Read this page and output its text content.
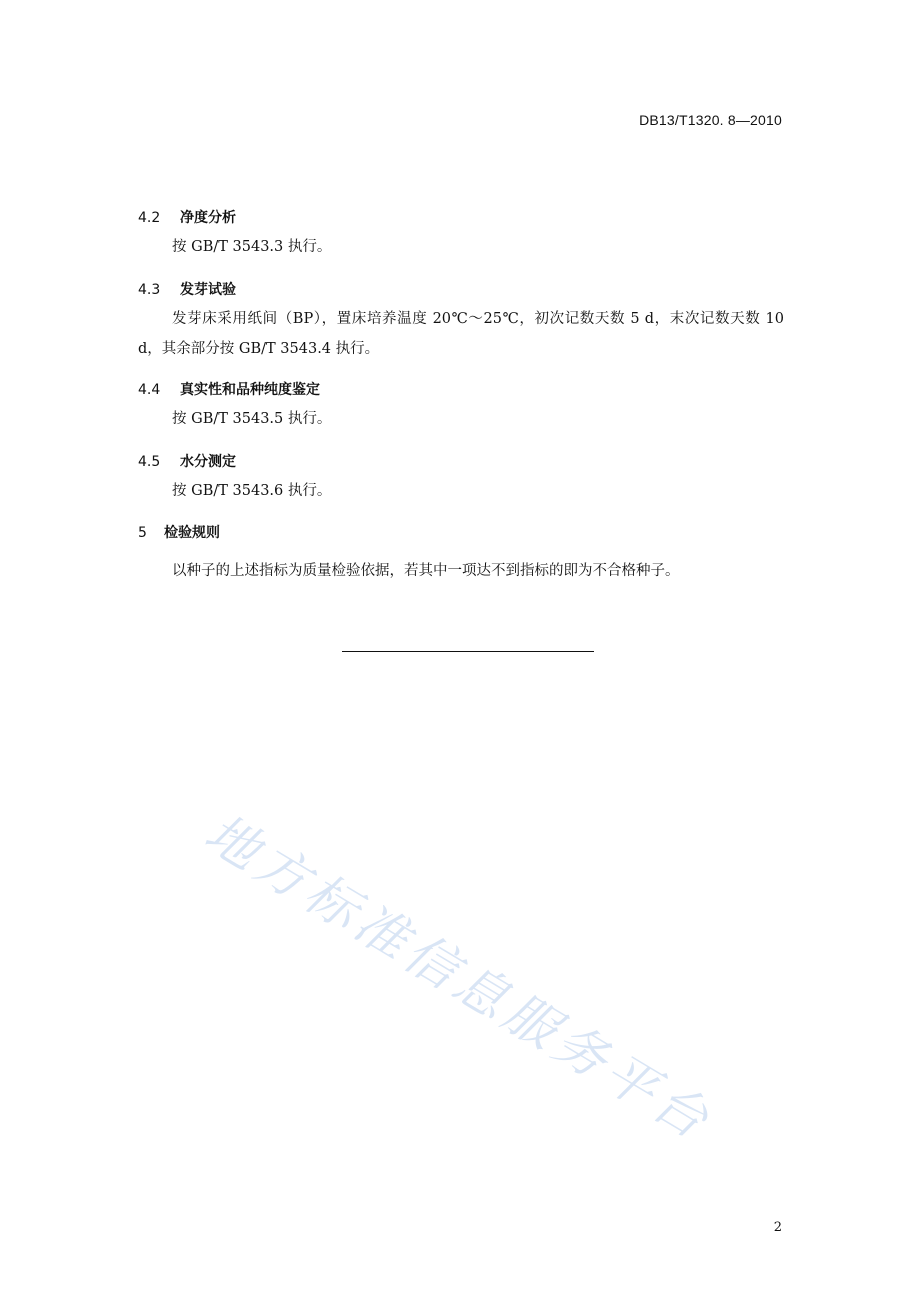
DB13/T1320. 8—2010
4.2 净度分析

按 GB/T 3543.3 执行。

4.3 发芽试验

发芽床采用纸间（BP），置床培养温度 20℃～25℃，初次记数天数 5 d，末次记数天数 10 d，其余部分按 GB/T 3543.4 执行。

4.4 真实性和品种纯度鉴定

按 GB/T 3543.5 执行。

4.5 水分测定

按 GB/T 3543.6 执行。

5 检验规则

以种子的上述指标为质量检验依据，若其中一项达不到指标的即为不合格种子。

地方标准信息服务平台
2
